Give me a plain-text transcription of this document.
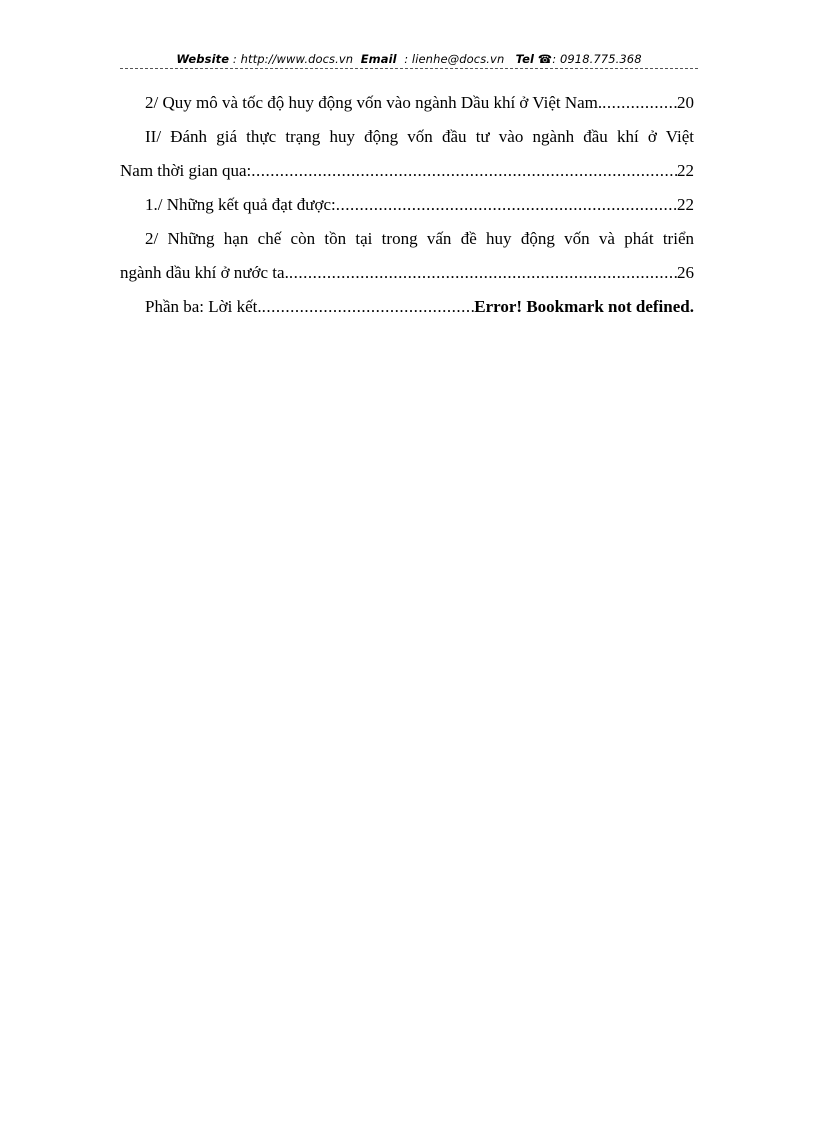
Website : http://www.docs.vn Email : lienhe@docs.vn Tel ☎: 0918.775.368
2/ Quy mô và tốc độ huy động vốn vào ngành Dầu khí ở Việt Nam. .....	20
II/ Đánh giá thực trạng huy động vốn đầu tư vào ngành đầu khí ở Việt
Nam thời gian qua: .....	22
1./ Những kết quả đạt được: .....	22
2/ Những hạn chế còn tồn tại trong vấn đề huy động vốn và phát triển
ngành dầu khí ở nước ta. .....	26
Phần ba: Lời kết. .....	Error! Bookmark not defined.
